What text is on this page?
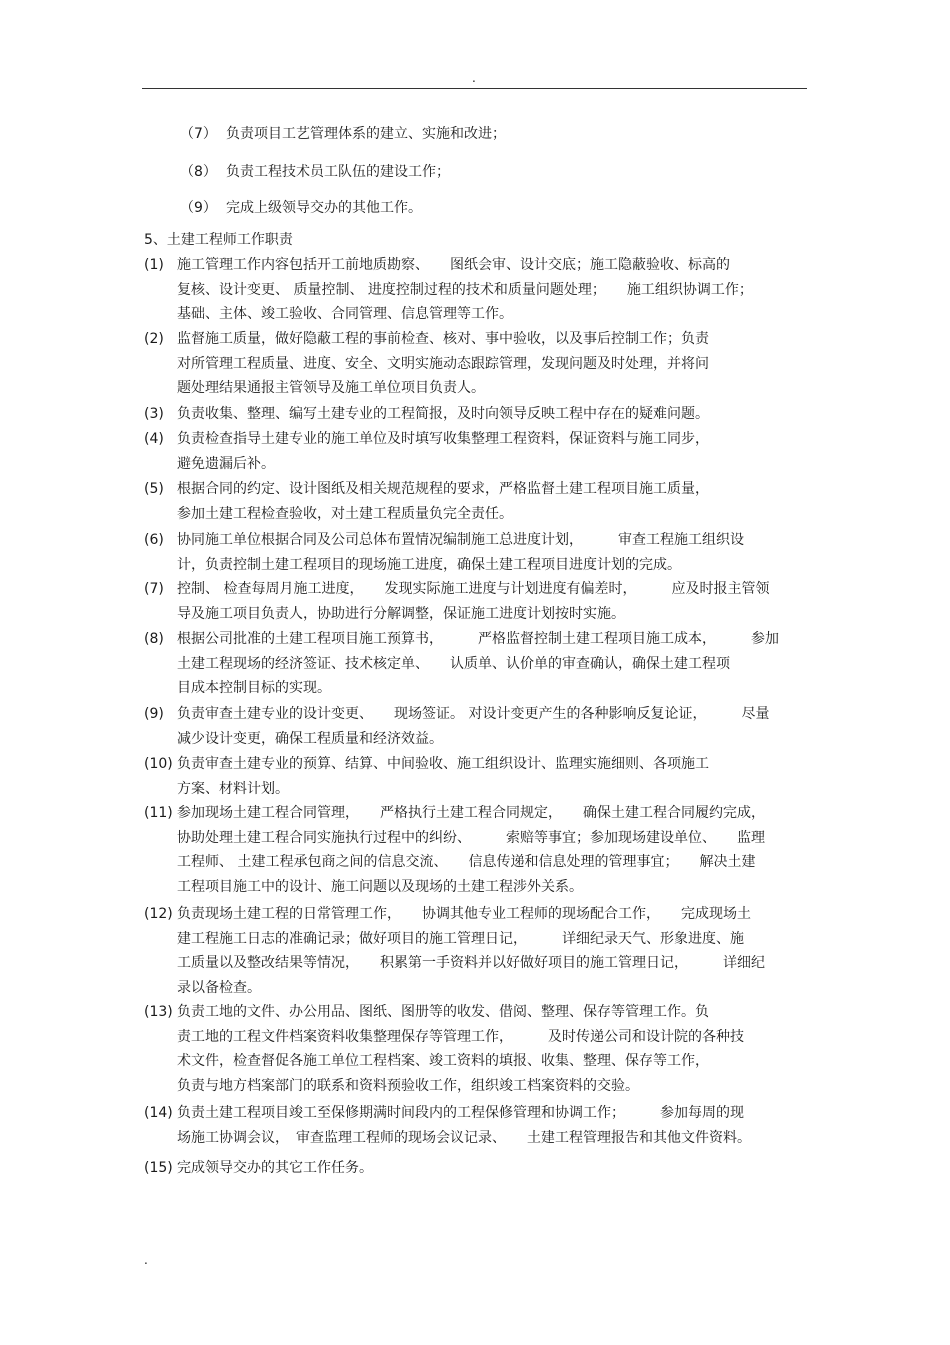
.
（7） 负责项目工艺管理体系的建立、实施和改进；
（8） 负责工程技术员工队伍的建设工作；
（9） 完成上级领导交办的其他工作。
5、土建工程师工作职责
(1) 施工管理工作内容包括开工前地质勘察、　　图纸会审、设计交底；施工隐蔽验收、标高的
复核、设计变更、 质量控制、 进度控制过程的技术和质量问题处理；　　施工组织协调工作；
基础、主体、竣工验收、合同管理、信息管理等工作。
(2) 监督施工质量，做好隐蔽工程的事前检查、核对、事中验收，以及事后控制工作；负责
对所管理工程质量、进度、安全、文明实施动态跟踪管理，发现问题及时处理，并将问
题处理结果通报主管领导及施工单位项目负责人。
(3) 负责收集、整理、编写土建专业的工程简报，及时向领导反映工程中存在的疑难问题。
(4) 负责检查指导土建专业的施工单位及时填写收集整理工程资料，保证资料与施工同步，
避免遗漏后补。
(5) 根据合同的约定、设计图纸及相关规范规程的要求，严格监督土建工程项目施工质量，
参加土建工程检查验收，对土建工程质量负完全责任。
(6) 协同施工单位根据合同及公司总体布置情况编制施工总进度计划，　　　审查工程施工组织设
计，负责控制土建工程项目的现场施工进度，确保土建工程项目进度计划的完成。
(7) 控制、 检查每周月施工进度，　　发现实际施工进度与计划进度有偏差时，　　　应及时报主管领
导及施工项目负责人，协助进行分解调整，保证施工进度计划按时实施。
(8) 根据公司批准的土建工程项目施工预算书，　　　严格监督控制土建工程项目施工成本，　　　参加
土建工程现场的经济签证、技术核定单、　　认质单、认价单的审查确认，确保土建工程项
目成本控制目标的实现。
(9) 负责审查土建专业的设计变更、　　现场签证。 对设计变更产生的各种影响反复论证，　　　尽量
减少设计变更，确保工程质量和经济效益。
(10) 负责审查土建专业的预算、结算、中间验收、施工组织设计、监理实施细则、各项施工
方案、材料计划。
(11) 参加现场土建工程合同管理，　　严格执行土建工程合同规定，　　确保土建工程合同履约完成，
协助处理土建工程合同实施执行过程中的纠纷、　　　索赔等事宜；参加现场建设单位、　　监理
工程师、 土建工程承包商之间的信息交流、　　信息传递和信息处理的管理事宜；　　解决土建
工程项目施工中的设计、施工问题以及现场的土建工程涉外关系。
(12) 负责现场土建工程的日常管理工作，　　协调其他专业工程师的现场配合工作，　　完成现场土
建工程施工日志的准确记录；做好项目的施工管理日记，　　　详细纪录天气、形象进度、施
工质量以及整改结果等情况，　　积累第一手资料并以好做好项目的施工管理日记，　　　详细纪
录以备检查。
(13) 负责工地的文件、办公用品、图纸、图册等的收发、借阅、整理、保存等管理工作。负
责工地的工程文件档案资料收集整理保存等管理工作，　　　及时传递公司和设计院的各种技
术文件，检查督促各施工单位工程档案、竣工资料的填报、收集、整理、保存等工作，
负责与地方档案部门的联系和资料预验收工作，组织竣工档案资料的交验。
(14) 负责土建工程项目竣工至保修期满时间段内的工程保修管理和协调工作；　　　参加每周的现
场施工协调会议，　审查监理工程师的现场会议记录、　　土建工程管理报告和其他文件资料。
(15) 完成领导交办的其它工作任务。
.
